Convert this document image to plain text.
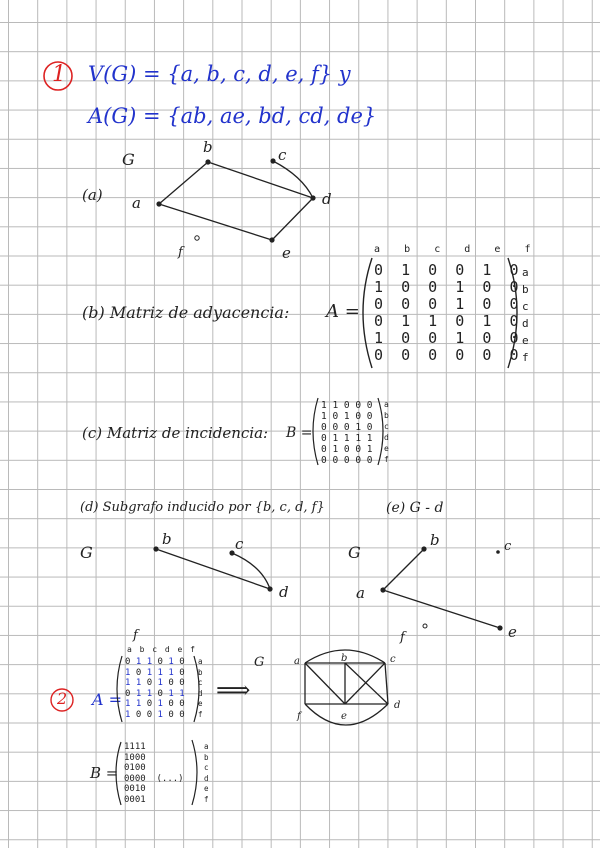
1 V(G) = {a, b, c, d, e, f} y
A(G) = {ab, ae, bd, cd, de}
(a)
G
a
b	c
d
e
f
(b) Matriz de adyacencia: A =
a    b    c    d    e    f
0  1  0  0  1  0
1  0  0  1  0  0
0  0  0  1  0  0
0  1  1  0  1  0
1  0  0  1  0  0
0  0  0  0  0  0
a
b
c
d
e
f
(c) Matriz de incidencia: B =
1 1 0 0 0
1 0 1 0 0
0 0 0 1 0
0 1 1 1 1
0 1 0 0 1
0 0 0 0 0
a
b
c
d
e
f
(d) Subgrafo inducido por {b, c, d, f}
G
b	c
d
f
(e) G - d
G
a
b	c
e
f
2 A =
a b c d e f
0 1 1 0 1 0
1 0 1 1 1 0
1 1 0 1 0 0
0 1 1 0 1 1
1 1 0 1 0 0
1 0 0 1 0 0
a
b
c
d
e
f
⟹
G	a	b	c
d
e
f
B =
1111
1000
0100
0000  (...)
0010
0001
a
b
c
d
e
f
